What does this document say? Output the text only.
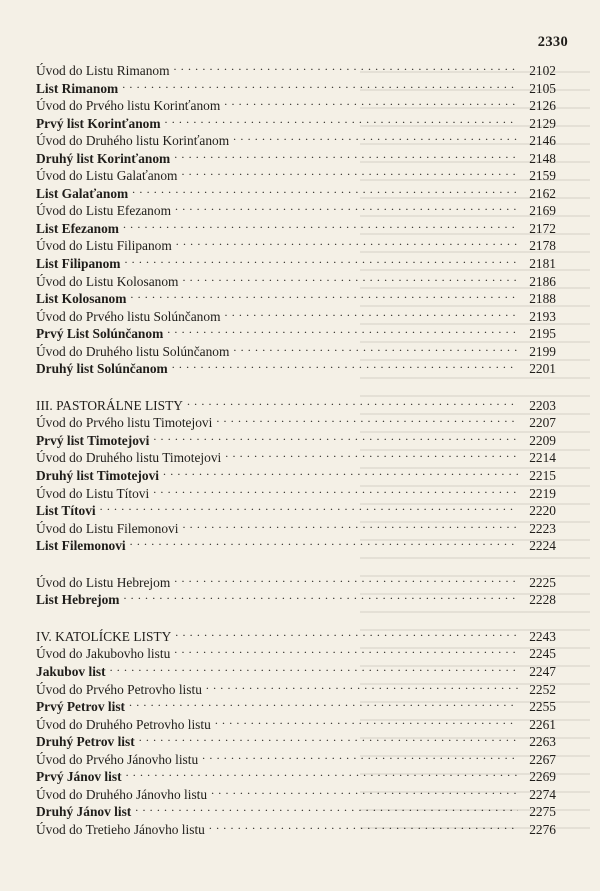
2330
Úvod do Listu Rimanom . . .	2102
List Rimanom . . .	2105
Úvod do Prvého listu Korinťanom . . .	2126
Prvý list Korinťanom . . .	2129
Úvod do Druhého listu Korinťanom . . .	2146
Druhý list Korinťanom . . .	2148
Úvod do Listu Galaťanom . . .	2159
List Galaťanom . . .	2162
Úvod do Listu Efezanom . . .	2169
List Efezanom . . .	2172
Úvod do Listu Filipanom . . .	2178
List Filipanom . . .	2181
Úvod do Listu Kolosanom . . .	2186
List Kolosanom . . .	2188
Úvod do Prvého listu Solúnčanom . . .	2193
Prvý List Solúnčanom . . .	2195
Úvod do Druhého listu Solúnčanom . . .	2199
Druhý list Solúnčanom . . .	2201
III. PASTORÁLNE LISTY . . .	2203
Úvod do Prvého listu Timotejovi . . .	2207
Prvý list Timotejovi . . .	2209
Úvod do Druhého listu Timotejovi . . .	2214
Druhý list Timotejovi . . .	2215
Úvod do Listu Títovi . . .	2219
List Títovi . . .	2220
Úvod do Listu Filemonovi . . .	2223
List Filemonovi . . .	2224
Úvod do Listu Hebrejom . . .	2225
List Hebrejom . . .	2228
IV. KATOLÍCKE LISTY . . .	2243
Úvod do Jakubovho listu . . .	2245
Jakubov list . . .	2247
Úvod do Prvého Petrovho listu . . .	2252
Prvý Petrov list . . .	2255
Úvod do Druhého Petrovho listu . . .	2261
Druhý Petrov list . . .	2263
Úvod do Prvého Jánovho listu . . .	2267
Prvý Jánov list . . .	2269
Úvod do Druhého Jánovho listu . . .	2274
Druhý Jánov list . . .	2275
Úvod do Tretieho Jánovho listu . . .	2276
